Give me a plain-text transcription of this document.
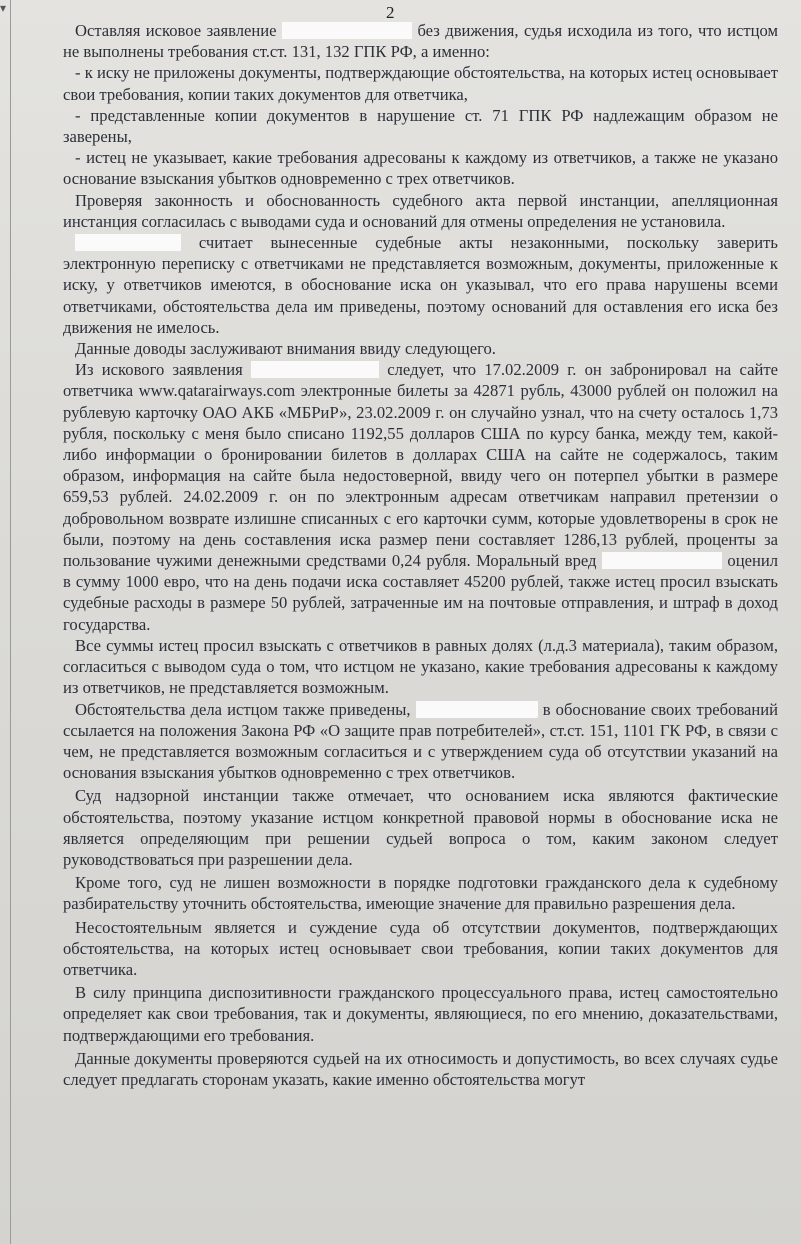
▾	2

Оставляя исковое заявление	без движения, судья исходила из того, что истцом не выполнены требования ст.ст. 131, 132 ГПК РФ, а именно:

- к иску не приложены документы, подтверждающие обстоятельства, на которых истец основывает свои требования, копии таких документов для ответчика,

- представленные копии документов в нарушение ст. 71 ГПК РФ надлежащим образом не заверены,

- истец не указывает, какие требования адресованы к каждому из ответчиков, а также не указано основание взыскания убытков одновременно с трех ответчиков.

Проверяя законность и обоснованность судебного акта первой инстанции, апелляционная инстанция согласилась с выводами суда и оснований для отмены определения не установила.

считает вынесенные судебные акты незаконными, поскольку заверить электронную переписку с ответчиками не представляется возможным, документы, приложенные к иску, у ответчиков имеются, в обоснование иска он указывал, что его права нарушены всеми ответчиками, обстоятельства дела им приведены, поэтому оснований для оставления его иска без движения не имелось.

Данные доводы заслуживают внимания ввиду следующего.

Из искового заявления	следует, что 17.02.2009 г. он забронировал на сайте ответчика www.qatarairways.com электронные билеты за 42871 рубль, 43000 рублей он положил на рублевую карточку ОАО АКБ «МБРиР», 23.02.2009 г. он случайно узнал, что на счету осталось 1,73 рубля, поскольку с меня было списано 1192,55 долларов США по курсу банка, между тем, какой-либо информации о бронировании билетов в долларах США на сайте не содержалось, таким образом, информация на сайте была недостоверной, ввиду чего он потерпел убытки в размере 659,53 рублей. 24.02.2009 г. он по электронным адресам ответчикам направил претензии о добровольном возврате излишне списанных с его карточки сумм, которые удовлетворены в срок не были, поэтому на день составления иска размер пени составляет 1286,13 рублей, проценты за пользование чужими денежными средствами 0,24 рубля. Моральный вред	оценил в сумму 1000 евро, что на день подачи иска составляет 45200 рублей, также истец просил взыскать судебные расходы в размере 50 рублей, затраченные им на почтовые отправления, и штраф в доход государства.

Все суммы истец просил взыскать с ответчиков в равных долях (л.д.3 материала), таким образом, согласиться с выводом суда о том, что истцом не указано, какие требования адресованы к каждому из ответчиков, не представляется возможным.

Обстоятельства дела истцом также приведены,	в обоснование своих требований ссылается на положения Закона РФ «О защите прав потребителей», ст.ст. 151, 1101 ГК РФ, в связи с чем, не представляется возможным согласиться и с утверждением суда об отсутствии указаний на основания взыскания убытков одновременно с трех ответчиков.

Суд надзорной инстанции также отмечает, что основанием иска являются фактические обстоятельства, поэтому указание истцом конкретной правовой нормы в обоснование иска не является определяющим при решении судьей вопроса о том, каким законом следует руководствоваться при разрешении дела.

Кроме того, суд не лишен возможности в порядке подготовки гражданского дела к судебному разбирательству уточнить обстоятельства, имеющие значение для правильно разрешения дела.

Несостоятельным является и суждение суда об отсутствии документов, подтверждающих обстоятельства, на которых истец основывает свои требования, копии таких документов для ответчика.

В силу принципа диспозитивности гражданского процессуального права, истец самостоятельно определяет как свои требования, так и документы, являющиеся, по его мнению, доказательствами, подтверждающими его требования.

Данные документы проверяются судьей на их относимость и допустимость, во всех случаях судье следует предлагать сторонам указать, какие именно обстоятельства могут
